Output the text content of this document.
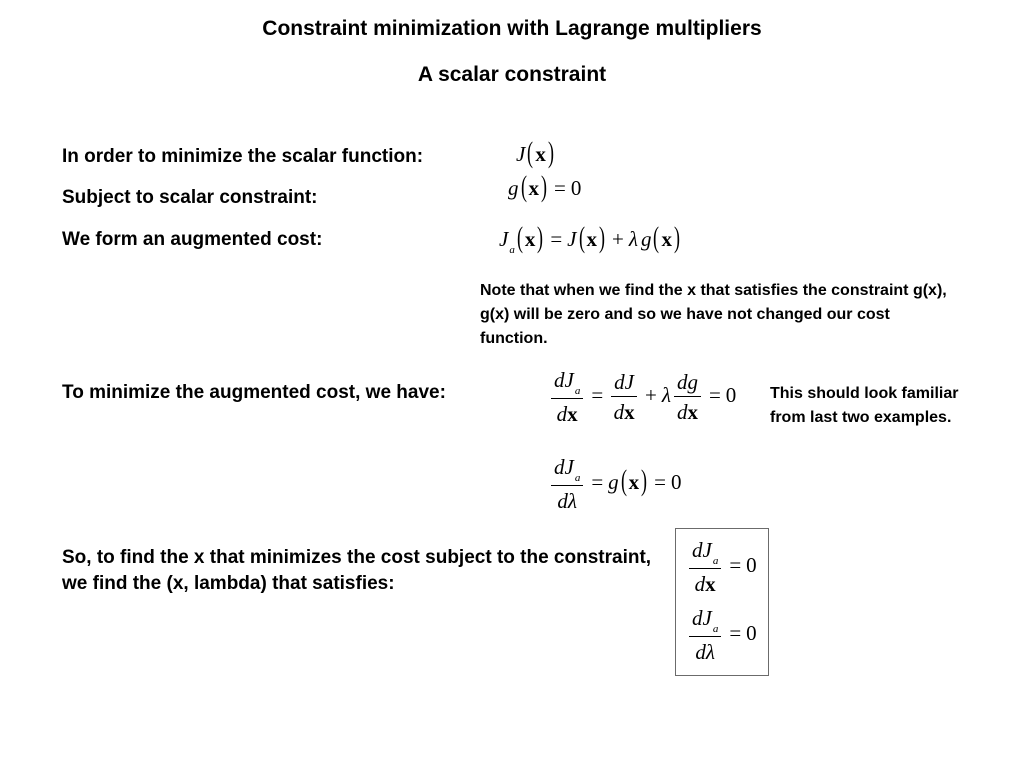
Constraint minimization with Lagrange multipliers
A scalar constraint
In order to minimize the scalar function:	J(x)
Subject to scalar constraint:	g(x) = 0
We form an augmented cost:	$J_a(x) = J(x) + \lambda$ g(x)
Note that when we find the x that satisfies the constraint g(x), g(x) will be zero and so we have not changed our cost function.
To minimize the augmented cost, we have:	$\frac{dJ_a}{dx} = \frac{dJ}{dx} + \lambda \frac{dg}{dx} = 0$ This should look familiar from last two examples.
$\frac{dJ_a}{d\lambda} = g(x) = 0$
So, to find the x that minimizes the cost subject to the constraint, we find the (x, lambda) that satisfies:	$\frac{dJ_a}{dx} = 0$
$\frac{dJ_a}{d\lambda} = 0$
